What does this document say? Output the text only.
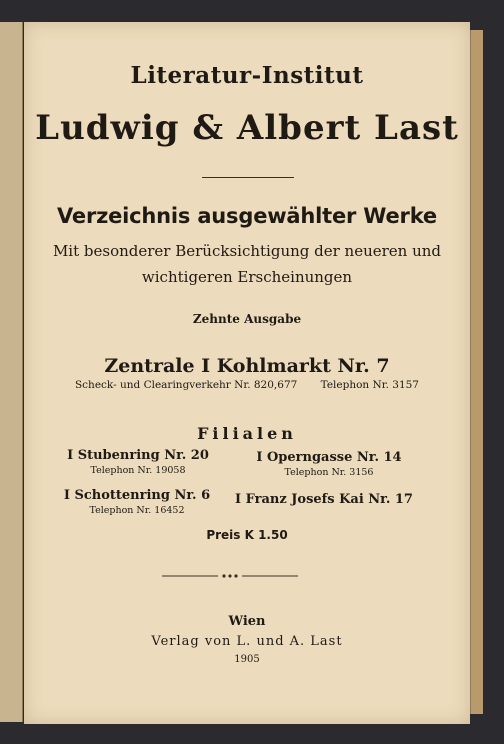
Literatur-Institut
Ludwig & Albert Last
Verzeichnis ausgewählter Werke
Mit besonderer Berücksichtigung der neueren und
wichtigeren Erscheinungen
Zehnte Ausgabe
Zentrale I Kohlmarkt Nr. 7
Scheck- und Clearingverkehr Nr. 820,677 Telephon Nr. 3157
Filialen
I Stubenring Nr. 20
Telephon Nr. 19058
I Operngasse Nr. 14
Telephon Nr. 3156
I Schottenring Nr. 6
Telephon Nr. 16452
I Franz Josefs Kai Nr. 17
Preis K 1.50
Wien
Verlag von L. und A. Last
1905
